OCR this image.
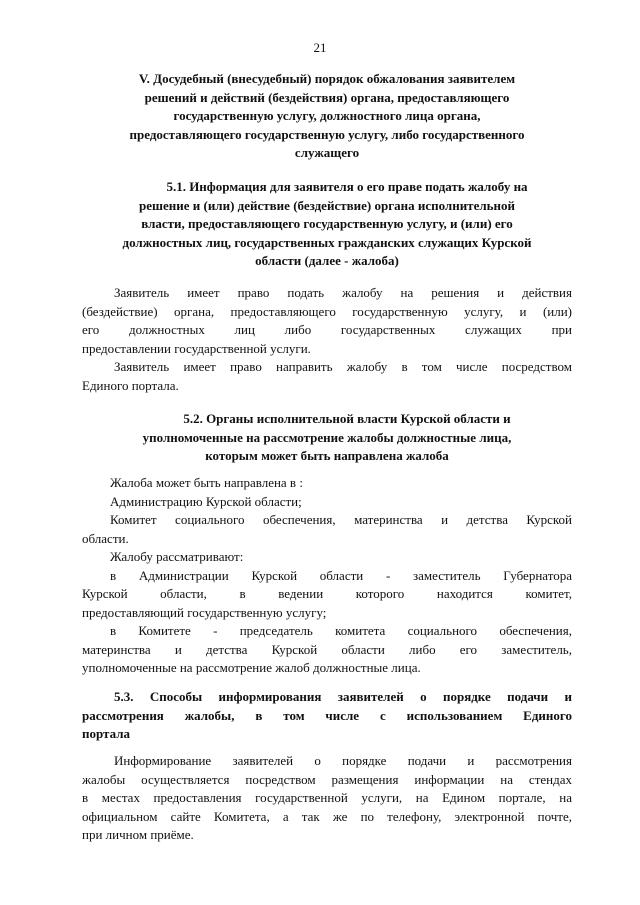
21
V. Досудебный (внесудебный) порядок обжалования заявителем
решений и действий (бездействия) органа, предоставляющего
государственную услугу, должностного лица органа,
предоставляющего государственную услугу, либо государственного
служащего
5.1. Информация для заявителя о его праве подать жалобу на
решение и (или) действие (бездействие) органа исполнительной
власти, предоставляющего государственную услугу, и (или) его
должностных лиц, государственных гражданских служащих Курской
области (далее - жалоба)
Заявитель имеет право подать жалобу на решения и действия
(бездействие) органа, предоставляющего государственную услугу, и (или)
его должностных лиц либо государственных служащих при
предоставлении государственной услуги.
Заявитель имеет право направить жалобу в том числе посредством
Единого портала.
5.2. Органы исполнительной власти Курской области и
уполномоченные на рассмотрение жалобы должностные лица,
которым может быть направлена жалоба
Жалоба может быть направлена в :
Администрацию Курской области;
Комитет социального обеспечения, материнства и детства Курской
области.
Жалобу рассматривают:
в Администрации Курской области - заместитель Губернатора
Курской области, в ведении которого находится комитет,
предоставляющий государственную услугу;
в Комитете - председатель комитета социального обеспечения,
материнства и детства Курской области либо его заместитель,
уполномоченные на рассмотрение жалоб должностные лица.
5.3. Способы информирования заявителей о порядке подачи и
рассмотрения жалобы, в том числе с использованием Единого
портала
Информирование заявителей о порядке подачи и рассмотрения
жалобы осуществляется посредством размещения информации на стендах
в местах предоставления государственной услуги, на Едином портале, на
официальном сайте Комитета, а так же по телефону, электронной почте,
при личном приёме.
